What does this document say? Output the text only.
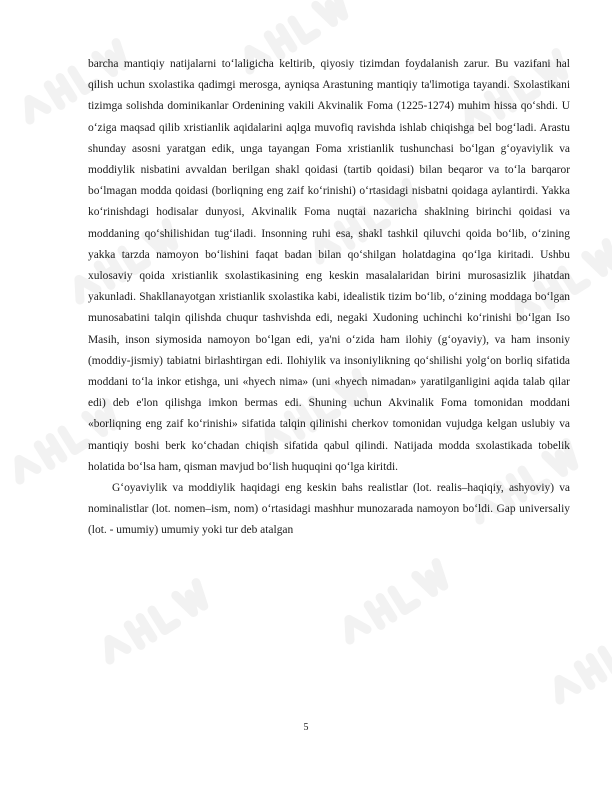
barcha mantiqiy natijalarni to‘laligicha keltirib, qiyosiy tizimdan foydalanish zarur. Bu vazifani hal qilish uchun sxolastika qadimgi merosga, ayniqsa Arastuning mantiqiy ta'limotiga tayandi. Sxolastikani tizimga solishda dominikanlar Ordenining vakili Akvinalik Foma (1225-1274) muhim hissa qo‘shdi. U o‘ziga maqsad qilib xristianlik aqidalarini aqlga muvofiq ravishda ishlab chiqishga bel bog‘ladi. Arastu shunday asosni yaratgan edik, unga tayangan Foma xristianlik tushunchasi bo‘lgan g‘oyaviylik va moddiylik nisbatini avvaldan berilgan shakl qoidasi (tartib qoidasi) bilan beqaror va to‘la barqaror bo‘lmagan modda qoidasi (borliqning eng zaif ko‘rinishi) o‘rtasidagi nisbatni qoidaga aylantirdi. Yakka ko‘rinishdagi hodisalar dunyosi, Akvinalik Foma nuqtai nazaricha shaklning birinchi qoidasi va moddaning qo‘shilishidan tug‘iladi. Insonning ruhi esa, shakl tashkil qiluvchi qoida bo‘lib, o‘zining yakka tarzda namoyon bo‘lishini faqat badan bilan qo‘shilgan holatdagina qo‘lga kiritadi. Ushbu xulosaviy qoida xristianlik sxolastikasining eng keskin masalalaridan birini murosasizlik jihatdan yakunladi. Shakllanayotgan xristianlik sxolastika kabi, idealistik tizim bo‘lib, o‘zining moddaga bo‘lgan munosabatini talqin qilishda chuqur tashvishda edi, negaki Xudoning uchinchi ko‘rinishi bo‘lgan Iso Masih, inson siymosida namoyon bo‘lgan edi, ya'ni o‘zida ham ilohiy (g‘oyaviy), va ham insoniy (moddiy-jismiy) tabiatni birlashtirgan edi. Ilohiylik va insoniylikning qo‘shilishi yolg‘on borliq sifatida moddani to‘la inkor etishga, uni «hyech nima» (uni «hyech nimadan» yaratilganligini aqida talab qilar edi) deb e'lon qilishga imkon bermas edi. Shuning uchun Akvinalik Foma tomonidan moddani «borliqning eng zaif ko‘rinishi» sifatida talqin qilinishi cherkov tomonidan vujudga kelgan uslubiy va mantiqiy boshi berk ko‘chadan chiqish sifatida qabul qilindi. Natijada modda sxolastikada tobelik holatida bo‘lsa ham, qisman mavjud bo‘lish huquqini qo‘lga kiritdi.

G‘oyaviylik va moddiylik haqidagi eng keskin bahs realistlar (lot. realis–haqiqiy, ashyoviy) va nominalistlar (lot. nomen–ism, nom) o‘rtasidagi mashhur munozarada namoyon bo‘ldi. Gap universaliy (lot. - umumiy) umumiy yoki tur deb atalgan

5
